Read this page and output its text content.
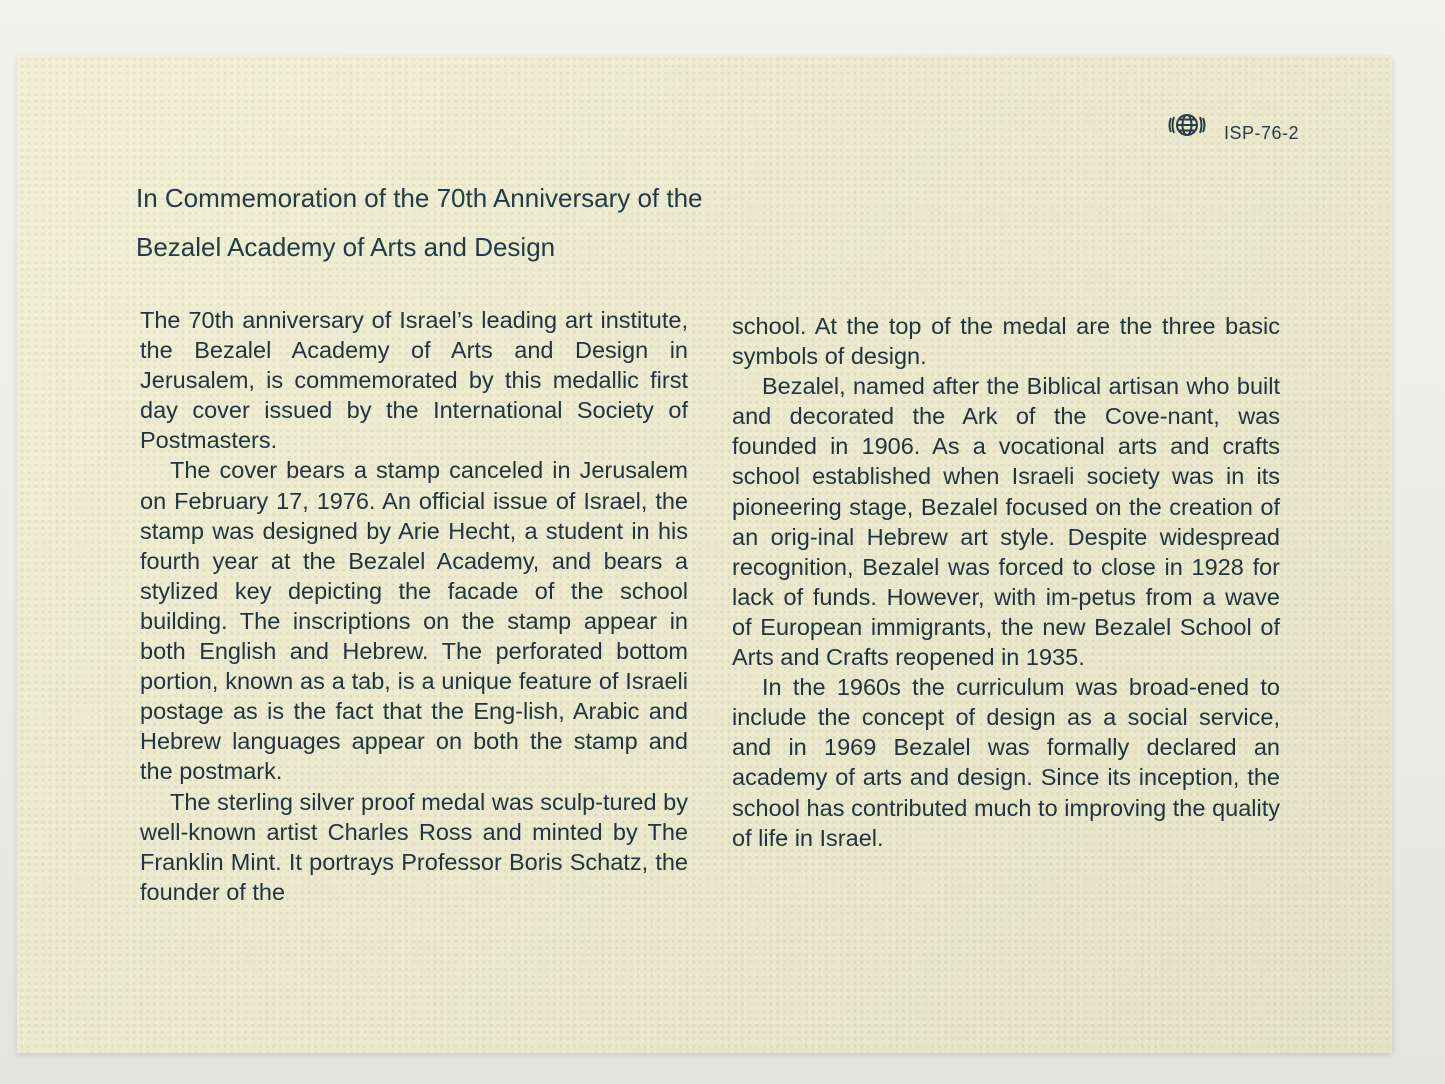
ISP-76-2
In Commemoration of the 70th Anniversary of the
Bezalel Academy of Arts and Design

The 70th anniversary of Israel’s leading art institute, the Bezalel Academy of Arts and Design in Jerusalem, is commemorated by this medallic first day cover issued by the International Society of Postmasters.

The cover bears a stamp canceled in Jerusalem on February 17, 1976. An official issue of Israel, the stamp was designed by Arie Hecht, a student in his fourth year at the Bezalel Academy, and bears a stylized key depicting the facade of the school building. The inscriptions on the stamp appear in both English and Hebrew. The perforated bottom portion, known as a tab, is a unique feature of Israeli postage as is the fact that the Eng-lish, Arabic and Hebrew languages appear on both the stamp and the postmark.

The sterling silver proof medal was sculp-tured by well-known artist Charles Ross and minted by The Franklin Mint. It portrays Professor Boris Schatz, the founder of the

school. At the top of the medal are the three basic symbols of design.

Bezalel, named after the Biblical artisan who built and decorated the Ark of the Cove-nant, was founded in 1906. As a vocational arts and crafts school established when Israeli society was in its pioneering stage, Bezalel focused on the creation of an orig-inal Hebrew art style. Despite widespread recognition, Bezalel was forced to close in 1928 for lack of funds. However, with im-petus from a wave of European immigrants, the new Bezalel School of Arts and Crafts reopened in 1935.

In the 1960s the curriculum was broad-ened to include the concept of design as a social service, and in 1969 Bezalel was formally declared an academy of arts and design. Since its inception, the school has contributed much to improving the quality of life in Israel.
